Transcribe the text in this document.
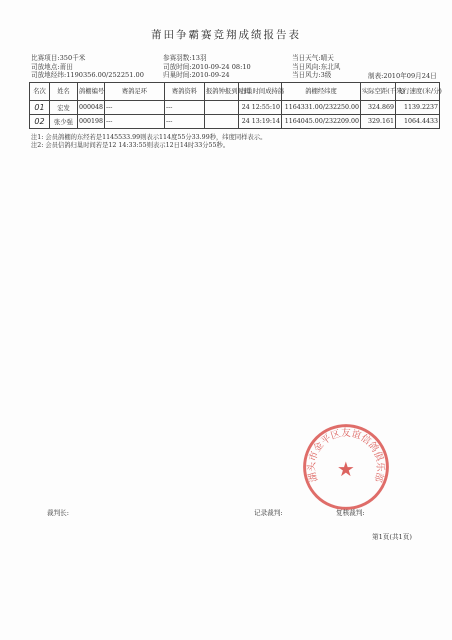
莆田争霸赛竞翔成绩报告表
比赛项目:350千米
司放地点:莆田
司放地经纬:1190356.00/252251.00
参赛羽数:13羽
司放时间:2010-09-24 08:10
归巢时间:2010-09-24
当日天气:晴天
当日风向:东北风
当日风力:3级	制表:2010年09月24日
名次	姓名	鸽棚编号	赛鸽足环	赛鸽资料	报鸽钟报到时间	归巢时间成持鸽	鸽棚经纬度	实际空距(千米)	飞行速度(米/分)
01	宏发	000048	---	---		24 12:55:10	1164331.00/232250.00	324.869	1139.2237
02	张少强	000198	---	---		24 13:19:14	1164045.00/232209.00	329.161	1064.4433
注1: 会员鸽棚的东经若是1145533.99则表示114度55分33.99秒，纬度同样表示。
注2: 会员信鸽归巢时间若是12 14:33:55则表示12日14时33分55秒。
湖头市金平区友谊信鸽俱乐部
★
裁判长:	记录裁判:	复核裁判:
第1页(共1页)
